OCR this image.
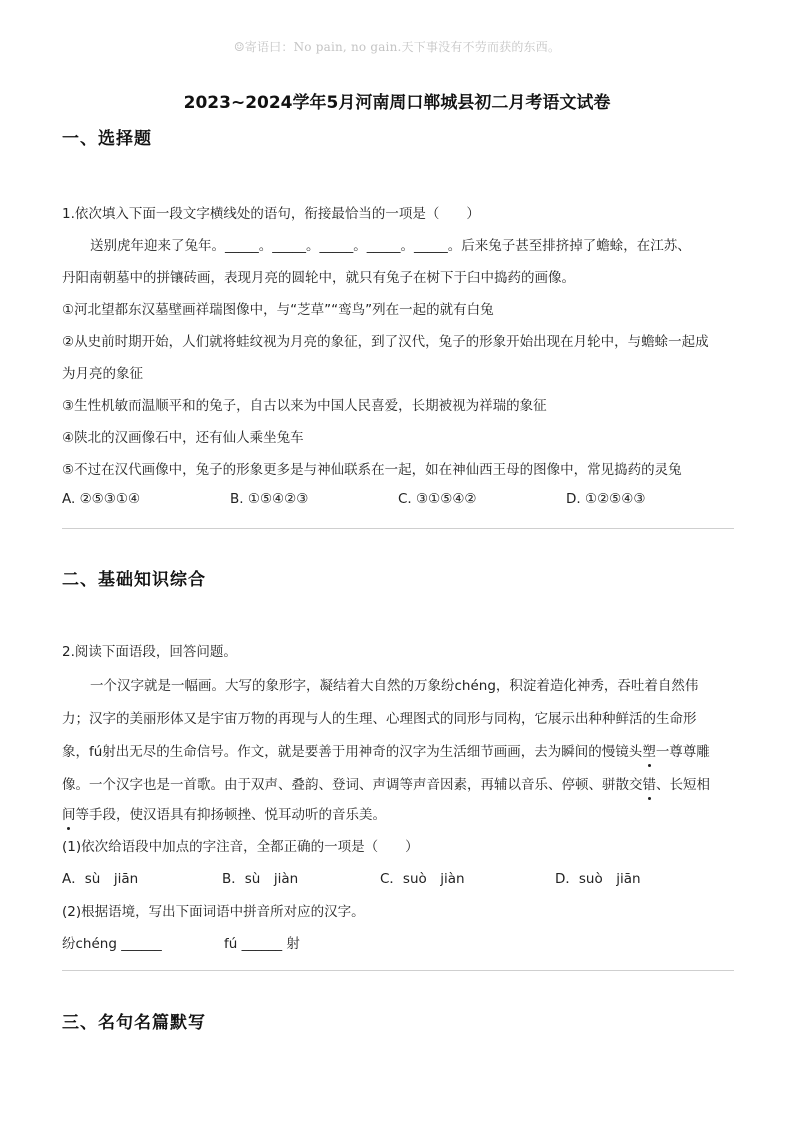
☺寄语曰：No pain, no gain.天下事没有不劳而获的东西。
2023~2024学年5月河南周口郸城县初二月考语文试卷
一、选择题
1.依次填入下面一段文字横线处的语句，衔接最恰当的一项是（　　）
送别虎年迎来了兔年。_____。_____。_____。_____。_____。后来兔子甚至排挤掉了蟾蜍，在江苏、
丹阳南朝墓中的拼镶砖画，表现月亮的圆轮中，就只有兔子在树下于臼中捣药的画像。
①河北望都东汉墓壁画祥瑞图像中，与“芝草”“鸾鸟”列在一起的就有白兔
②从史前时期开始，人们就将蛙纹视为月亮的象征，到了汉代，兔子的形象开始出现在月轮中，与蟾蜍一起成
为月亮的象征
③生性机敏而温顺平和的兔子，自古以来为中国人民喜爱，长期被视为祥瑞的象征
④陕北的汉画像石中，还有仙人乘坐兔车
⑤不过在汉代画像中，兔子的形象更多是与神仙联系在一起，如在神仙西王母的图像中，常见捣药的灵兔
A. ②⑤③①④	B. ①⑤④②③	C. ③①⑤④②	D. ①②⑤④③
二、基础知识综合
2.阅读下面语段，回答问题。
一个汉字就是一幅画。大写的象形字，凝结着大自然的万象纷chéng，积淀着造化神秀，吞吐着自然伟
力；汉字的美丽形体又是宇宙万物的再现与人的生理、心理图式的同形与同构，它展示出种种鲜活的生命形
象，fú射出无尽的生命信号。作文，就是要善于用神奇的汉字为生活细节画画，去为瞬间的慢镜头塑一尊尊雕
像。一个汉字也是一首歌。由于双声、叠韵、登词、声调等声音因素，再辅以音乐、停顿、骈散交错、长短相
间等手段，使汉语具有抑扬顿挫、悦耳动听的音乐美。
(1)依次给语段中加点的字注音，全都正确的一项是（　　）
A．sù　jiān	B．sù　jiàn	C．suò　jiàn	D．suò　jiān
(2)根据语境，写出下面词语中拼音所对应的汉字。
纷chéng ______	fú ______ 射
三、名句名篇默写
